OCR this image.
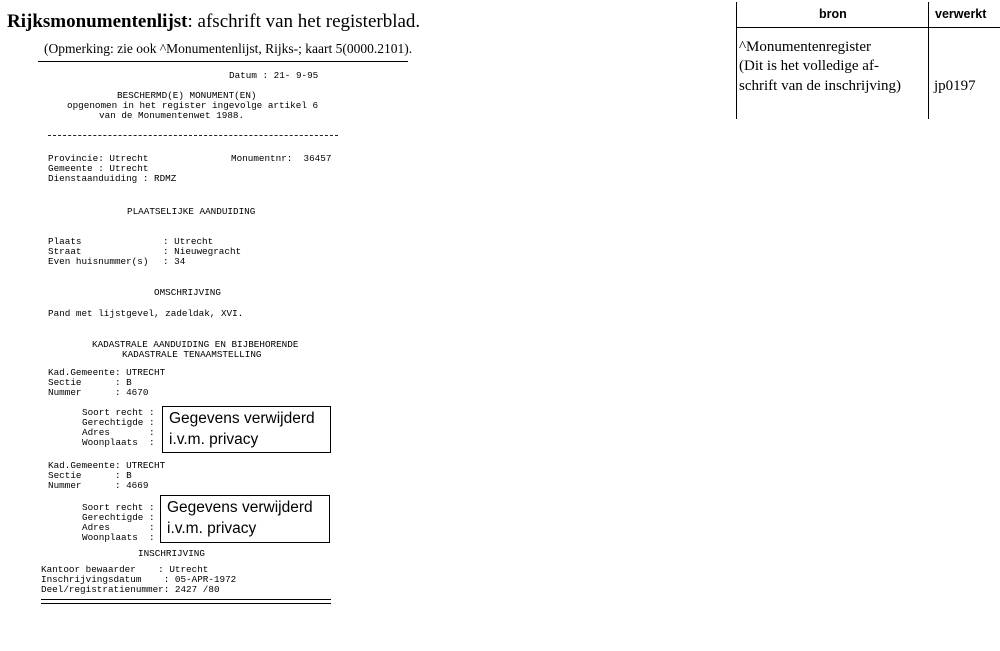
Rijksmonumentenlijst: afschrift van het registerblad.
(Opmerking: zie ook ^Monumentenlijst, Rijks-; kaart 5(0000.2101).
Datum : 21- 9-95
BESCHERMD(E) MONUMENT(EN)
opgenomen in het register ingevolge artikel 6
van de Monumentenwet 1988.
Provincie: Utrecht	Monumentnr:  36457
Gemeente : Utrecht
Dienstaanduiding : RDMZ
PLAATSELIJKE AANDUIDING
Plaats	: Utrecht
Straat	: Nieuwegracht
Even huisnummer(s) : 34
OMSCHRIJVING
Pand met lijstgevel, zadeldak, XVI.
KADASTRALE AANDUIDING EN BIJBEHORENDE
KADASTRALE TENAAMSTELLING
Kad.Gemeente: UTRECHT
Sectie      : B
Nummer      : 4670
Soort recht :
Gerechtigde :
Adres       :
Woonplaats  :
Gegevens verwijderd
i.v.m. privacy
Kad.Gemeente: UTRECHT
Sectie      : B
Nummer      : 4669
Soort recht :
Gerechtigde :
Adres       :
Woonplaats  :
Gegevens verwijderd
i.v.m. privacy
INSCHRIJVING
Kantoor bewaarder    : Utrecht
Inschrijvingsdatum    : 05-APR-1972
Deel/registratienummer: 2427 /80
bron	verwerkt
^Monumentenregister
(Dit is het volledige af-
schrift van de inschrijving) jp0197
